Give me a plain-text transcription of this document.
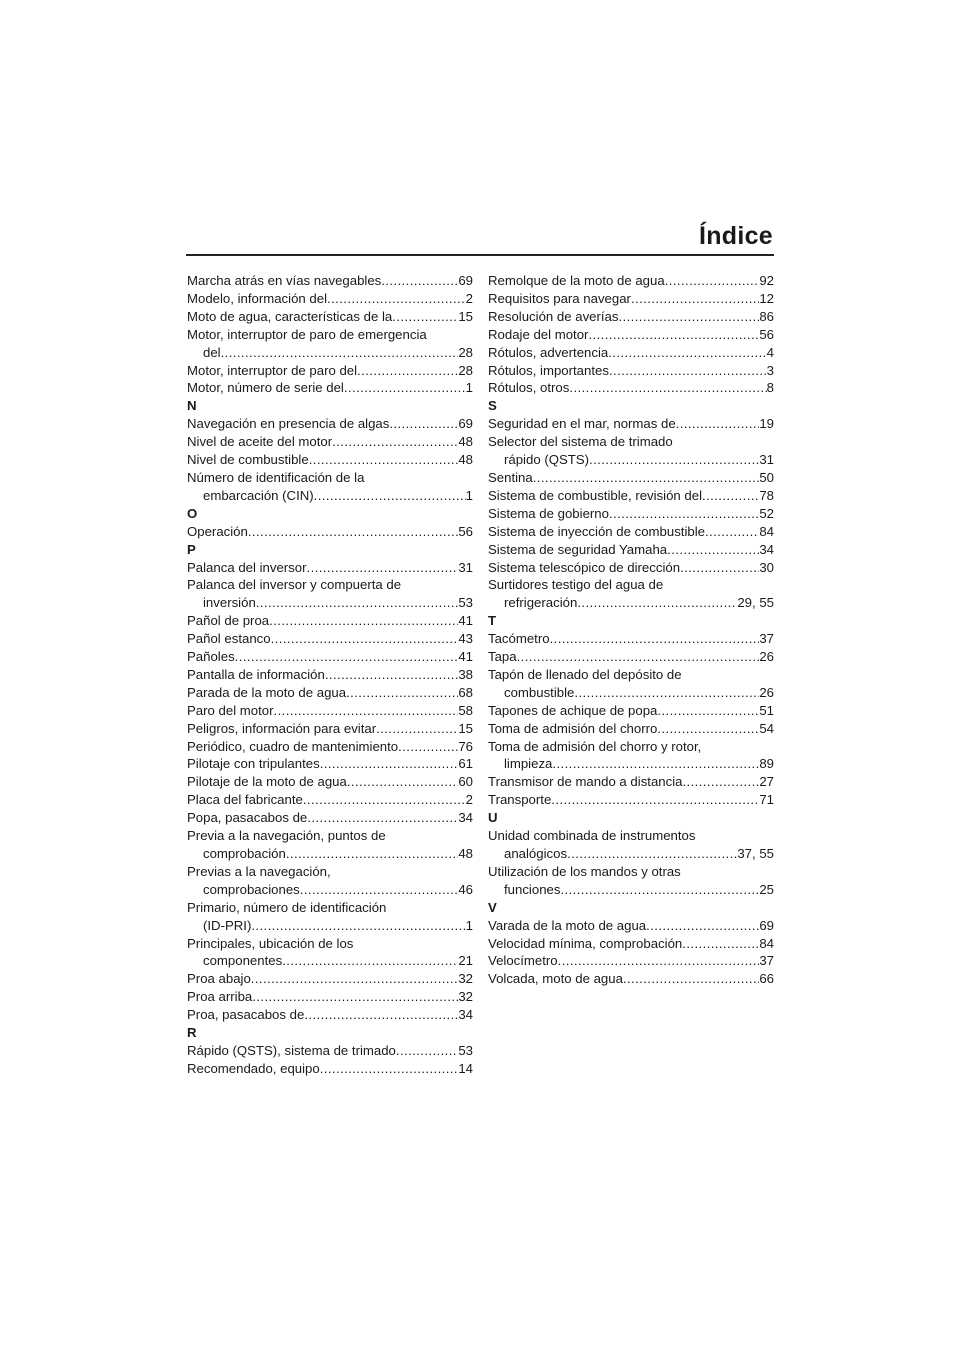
Índice
Marcha atrás en vías navegables .....	69
Modelo, información del .....	2
Moto de agua, características de la .....	15
Motor, interruptor de paro de emergencia
del .....	28
Motor, interruptor de paro del .....	28
Motor, número de serie del .....	1
N
Navegación en presencia de algas .....	69
Nivel de aceite del motor .....	48
Nivel de combustible .....	48
Número de identificación de la
embarcación (CIN) .....	1
O
Operación .....	56
P
Palanca del inversor .....	31
Palanca del inversor y compuerta de
inversión .....	53
Pañol de proa .....	41
Pañol estanco .....	43
Pañoles .....	41
Pantalla de información .....	38
Parada de la moto de agua .....	68
Paro del motor .....	58
Peligros, información para evitar .....	15
Periódico, cuadro de mantenimiento .....	76
Pilotaje con tripulantes .....	61
Pilotaje de la moto de agua .....	60
Placa del fabricante .....	2
Popa, pasacabos de .....	34
Previa a la navegación, puntos de
comprobación .....	48
Previas a la navegación,
comprobaciones .....	46
Primario, número de identificación
(ID-PRI) .....	1
Principales, ubicación de los
componentes .....	21
Proa abajo .....	32
Proa arriba .....	32
Proa, pasacabos de .....	34
R
Rápido (QSTS), sistema de trimado .....	53
Recomendado, equipo .....	14
Remolque de la moto de agua .....	92
Requisitos para navegar .....	12
Resolución de averías .....	86
Rodaje del motor .....	56
Rótulos, advertencia .....	4
Rótulos, importantes .....	3
Rótulos, otros .....	8
S
Seguridad en el mar, normas de .....	19
Selector del sistema de trimado
rápido (QSTS) .....	31
Sentina .....	50
Sistema de combustible, revisión del .....	78
Sistema de gobierno .....	52
Sistema de inyección de combustible .....	84
Sistema de seguridad Yamaha .....	34
Sistema telescópico de dirección .....	30
Surtidores testigo del agua de
refrigeración .....	29, 55
T
Tacómetro .....	37
Tapa .....	26
Tapón de llenado del depósito de
combustible .....	26
Tapones de achique de popa .....	51
Toma de admisión del chorro .....	54
Toma de admisión del chorro y rotor,
limpieza .....	89
Transmisor de mando a distancia .....	27
Transporte .....	71
U
Unidad combinada de instrumentos
analógicos .....	37, 55
Utilización de los mandos y otras
funciones .....	25
V
Varada de la moto de agua .....	69
Velocidad mínima, comprobación .....	84
Velocímetro .....	37
Volcada, moto de agua .....	66
